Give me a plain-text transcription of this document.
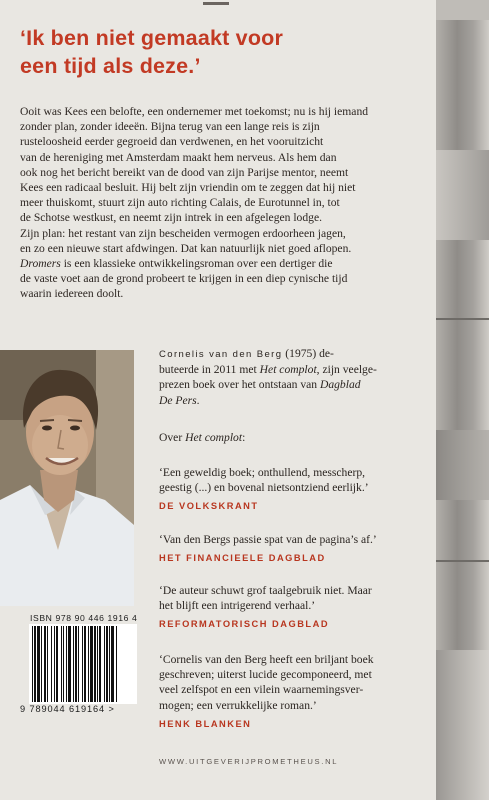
‘Ik ben niet gemaakt voor
een tijd als deze.’
Ooit was Kees een belofte, een ondernemer met toekomst; nu is hij iemand
zonder plan, zonder ideeën. Bijna terug van een lange reis is zijn
rusteloosheid eerder gegroeid dan verdwenen, en het vooruitzicht
van de hereniging met Amsterdam maakt hem nerveus. Als hem dan
ook nog het bericht bereikt van de dood van zijn Parijse mentor, neemt
Kees een radicaal besluit. Hij belt zijn vriendin om te zeggen dat hij niet
meer thuiskomt, stuurt zijn auto richting Calais, de Eurotunnel in, tot
de Schotse westkust, en neemt zijn intrek in een afgelegen lodge.
Zijn plan: het restant van zijn bescheiden vermogen erdoorheen jagen,
en zo een nieuwe start afdwingen. Dat kan natuurlijk niet goed aflopen.
Dromers is een klassieke ontwikkelingsroman over een dertiger die
de vaste voet aan de grond probeert te krijgen in een diep cynische tijd
waarin iedereen doolt.
Cornelis van den Berg (1975) de-
buteerde in 2011 met Het complot, zijn veelge-
prezen boek over het ontstaan van Dagblad
De Pers.
Over Het complot:
‘Een geweldig boek; onthullend, messcherp,
geestig (...) en bovenal nietsontziend eerlijk.’
DE VOLKSKRANT
‘Van den Bergs passie spat van de pagina’s af.’
HET FINANCIEELE DAGBLAD
‘De auteur schuwt grof taalgebruik niet. Maar
het blijft een intrigerend verhaal.’
REFORMATORISCH DAGBLAD
‘Cornelis van den Berg heeft een briljant boek
geschreven; uiterst lucide gecomponeerd, met
veel zelfspot en een vilein waarnemingsver-
mogen; een verrukkelijke roman.’
HENK BLANKEN
ISBN 978 90 446 1916 4
9 789044 619164 >
WWW.UITGEVERIJPROMETHEUS.NL
